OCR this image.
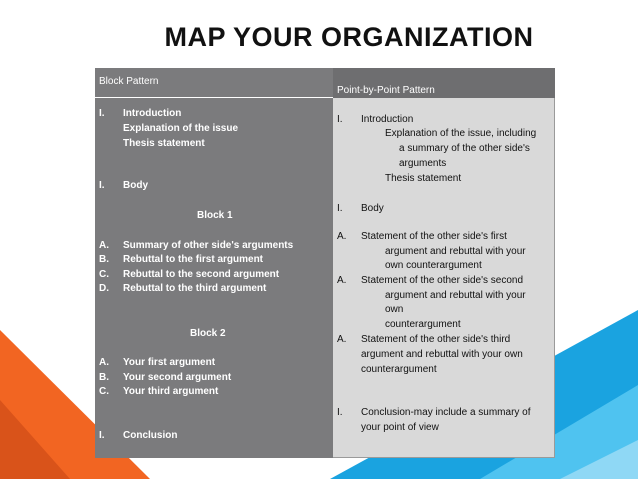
MAP YOUR ORGANIZATION
Block Pattern
I. Introduction
Explanation of the issue
Thesis statement
I. Body
Block 1
A. Summary of other side's arguments
B. Rebuttal to the first argument
C. Rebuttal to the second argument
D. Rebuttal to the third argument
Block 2
A. Your first argument
B. Your second argument
C. Your third argument
I. Conclusion
Point-by-Point Pattern
I. Introduction
Explanation of the issue, including
a summary of the other side's
arguments
Thesis statement
I. Body
A. Statement of the other side's first
argument and rebuttal with your
own counterargument
A. Statement of the other side's second
argument and rebuttal with your
own
counterargument
A. Statement of the other side's third
argument and rebuttal with your own
counterargument
I. Conclusion-may include a summary of
your point of view
